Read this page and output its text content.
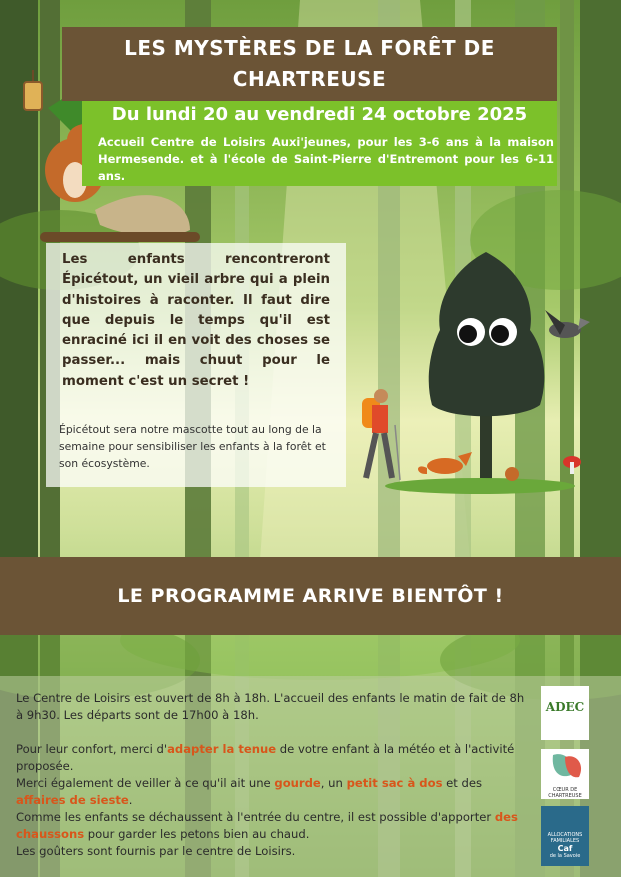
LES MYSTÈRES DE LA FORÊT DE CHARTREUSE
Du lundi 20 au vendredi 24 octobre 2025
Accueil Centre de Loisirs Auxi'jeunes, pour les 3-6 ans à la maison Hermesende. et à l'école de Saint-Pierre d'Entremont pour les 6-11 ans.
Les enfants rencontreront Épicétout, un vieil arbre qui a plein d'histoires à raconter. Il faut dire que depuis le temps qu'il est enraciné ici il en voit des choses se passer... mais chuut pour le moment c'est un secret !
Épicétout sera notre mascotte tout au long de la semaine pour sensibiliser les enfants à la forêt et son écosystème.
LE PROGRAMME ARRIVE BIENTÔT !

Le Centre de Loisirs est ouvert de 8h à 18h. L'accueil des enfants le matin de fait de 8h à 9h30. Les départs sont de 17h00 à 18h.

Pour leur confort, merci d'adapter la tenue de votre enfant à la météo et à l'activité proposée.

Merci également de veiller à ce qu'il ait une gourde, un petit sac à dos et des affaires de sieste.

Comme les enfants se déchaussent à l'entrée du centre, il est possible d'apporter des chaussons pour garder les petons bien au chaud.

Les goûters sont fournis par le centre de Loisirs.

ADEC
CŒUR DE CHARTREUSE
ALLOCATIONS
FAMILIALES
Caf
de la Savoie
